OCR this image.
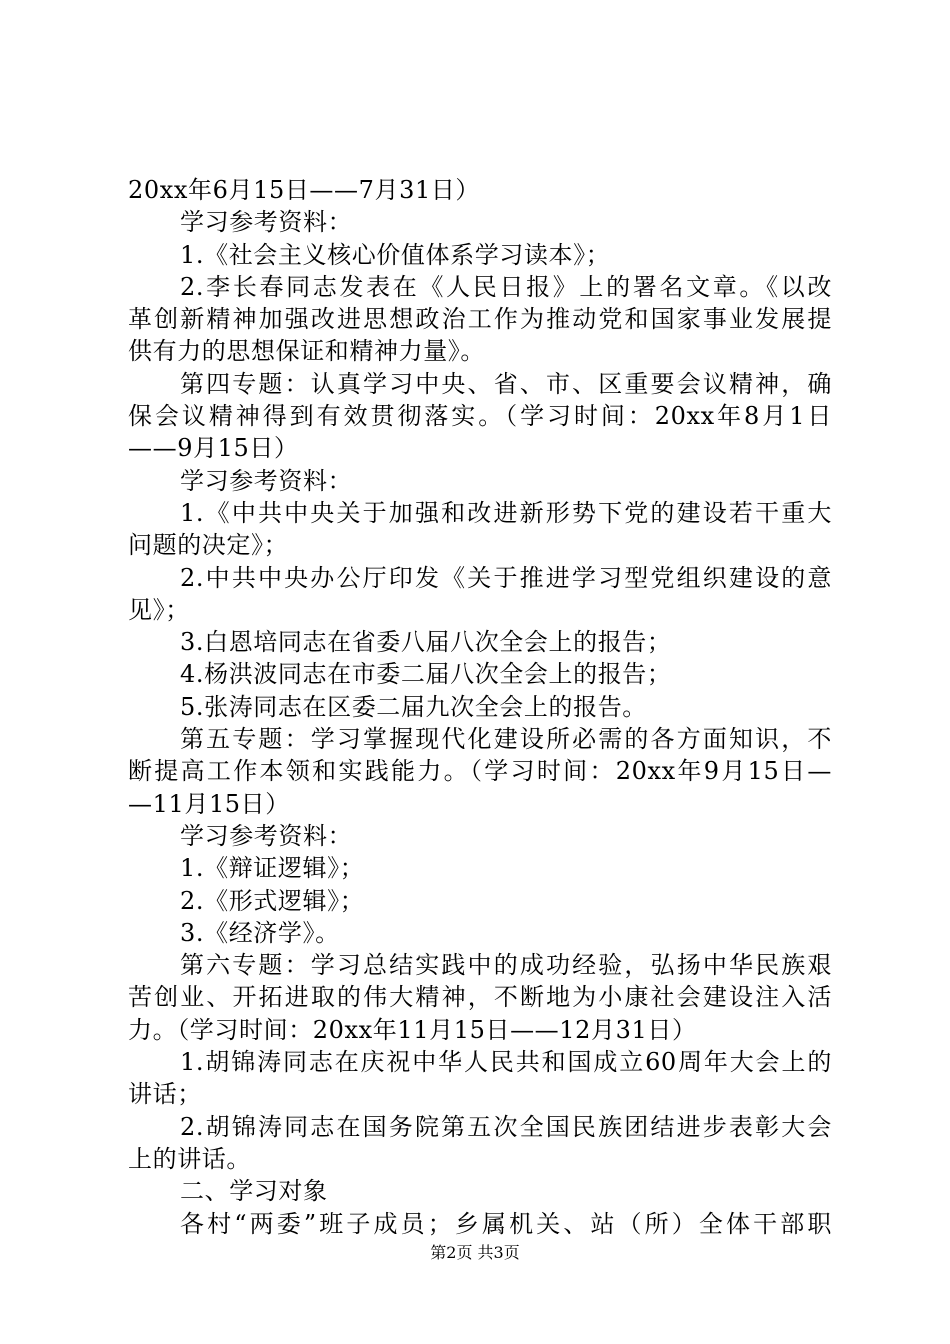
20xx年6月15日——7月31日）
学习参考资料：
1.《社会主义核心价值体系学习读本》；
2.李长春同志发表在《人民日报》上的署名文章。《以改
革创新精神加强改进思想政治工作为推动党和国家事业发展提
供有力的思想保证和精神力量》。
第四专题：认真学习中央、省、市、区重要会议精神，确
保会议精神得到有效贯彻落实。（学习时间：20xx年8月1日
——9月15日）
学习参考资料：
1.《中共中央关于加强和改进新形势下党的建设若干重大
问题的决定》；
2.中共中央办公厅印发《关于推进学习型党组织建设的意
见》；
3.白恩培同志在省委八届八次全会上的报告；
4.杨洪波同志在市委二届八次全会上的报告；
5.张涛同志在区委二届九次全会上的报告。
第五专题：学习掌握现代化建设所必需的各方面知识，不
断提高工作本领和实践能力。（学习时间：20xx年9月15日—
—11月15日）
学习参考资料：
1.《辩证逻辑》；
2.《形式逻辑》；
3.《经济学》。
第六专题：学习总结实践中的成功经验，弘扬中华民族艰
苦创业、开拓进取的伟大精神，不断地为小康社会建设注入活
力。（学习时间：20xx年11月15日——12月31日）
1.胡锦涛同志在庆祝中华人民共和国成立60周年大会上的
讲话；
2.胡锦涛同志在国务院第五次全国民族团结进步表彰大会
上的讲话。
二、学习对象
各村“两委”班子成员；乡属机关、站（所）全体干部职
第2页 共3页
